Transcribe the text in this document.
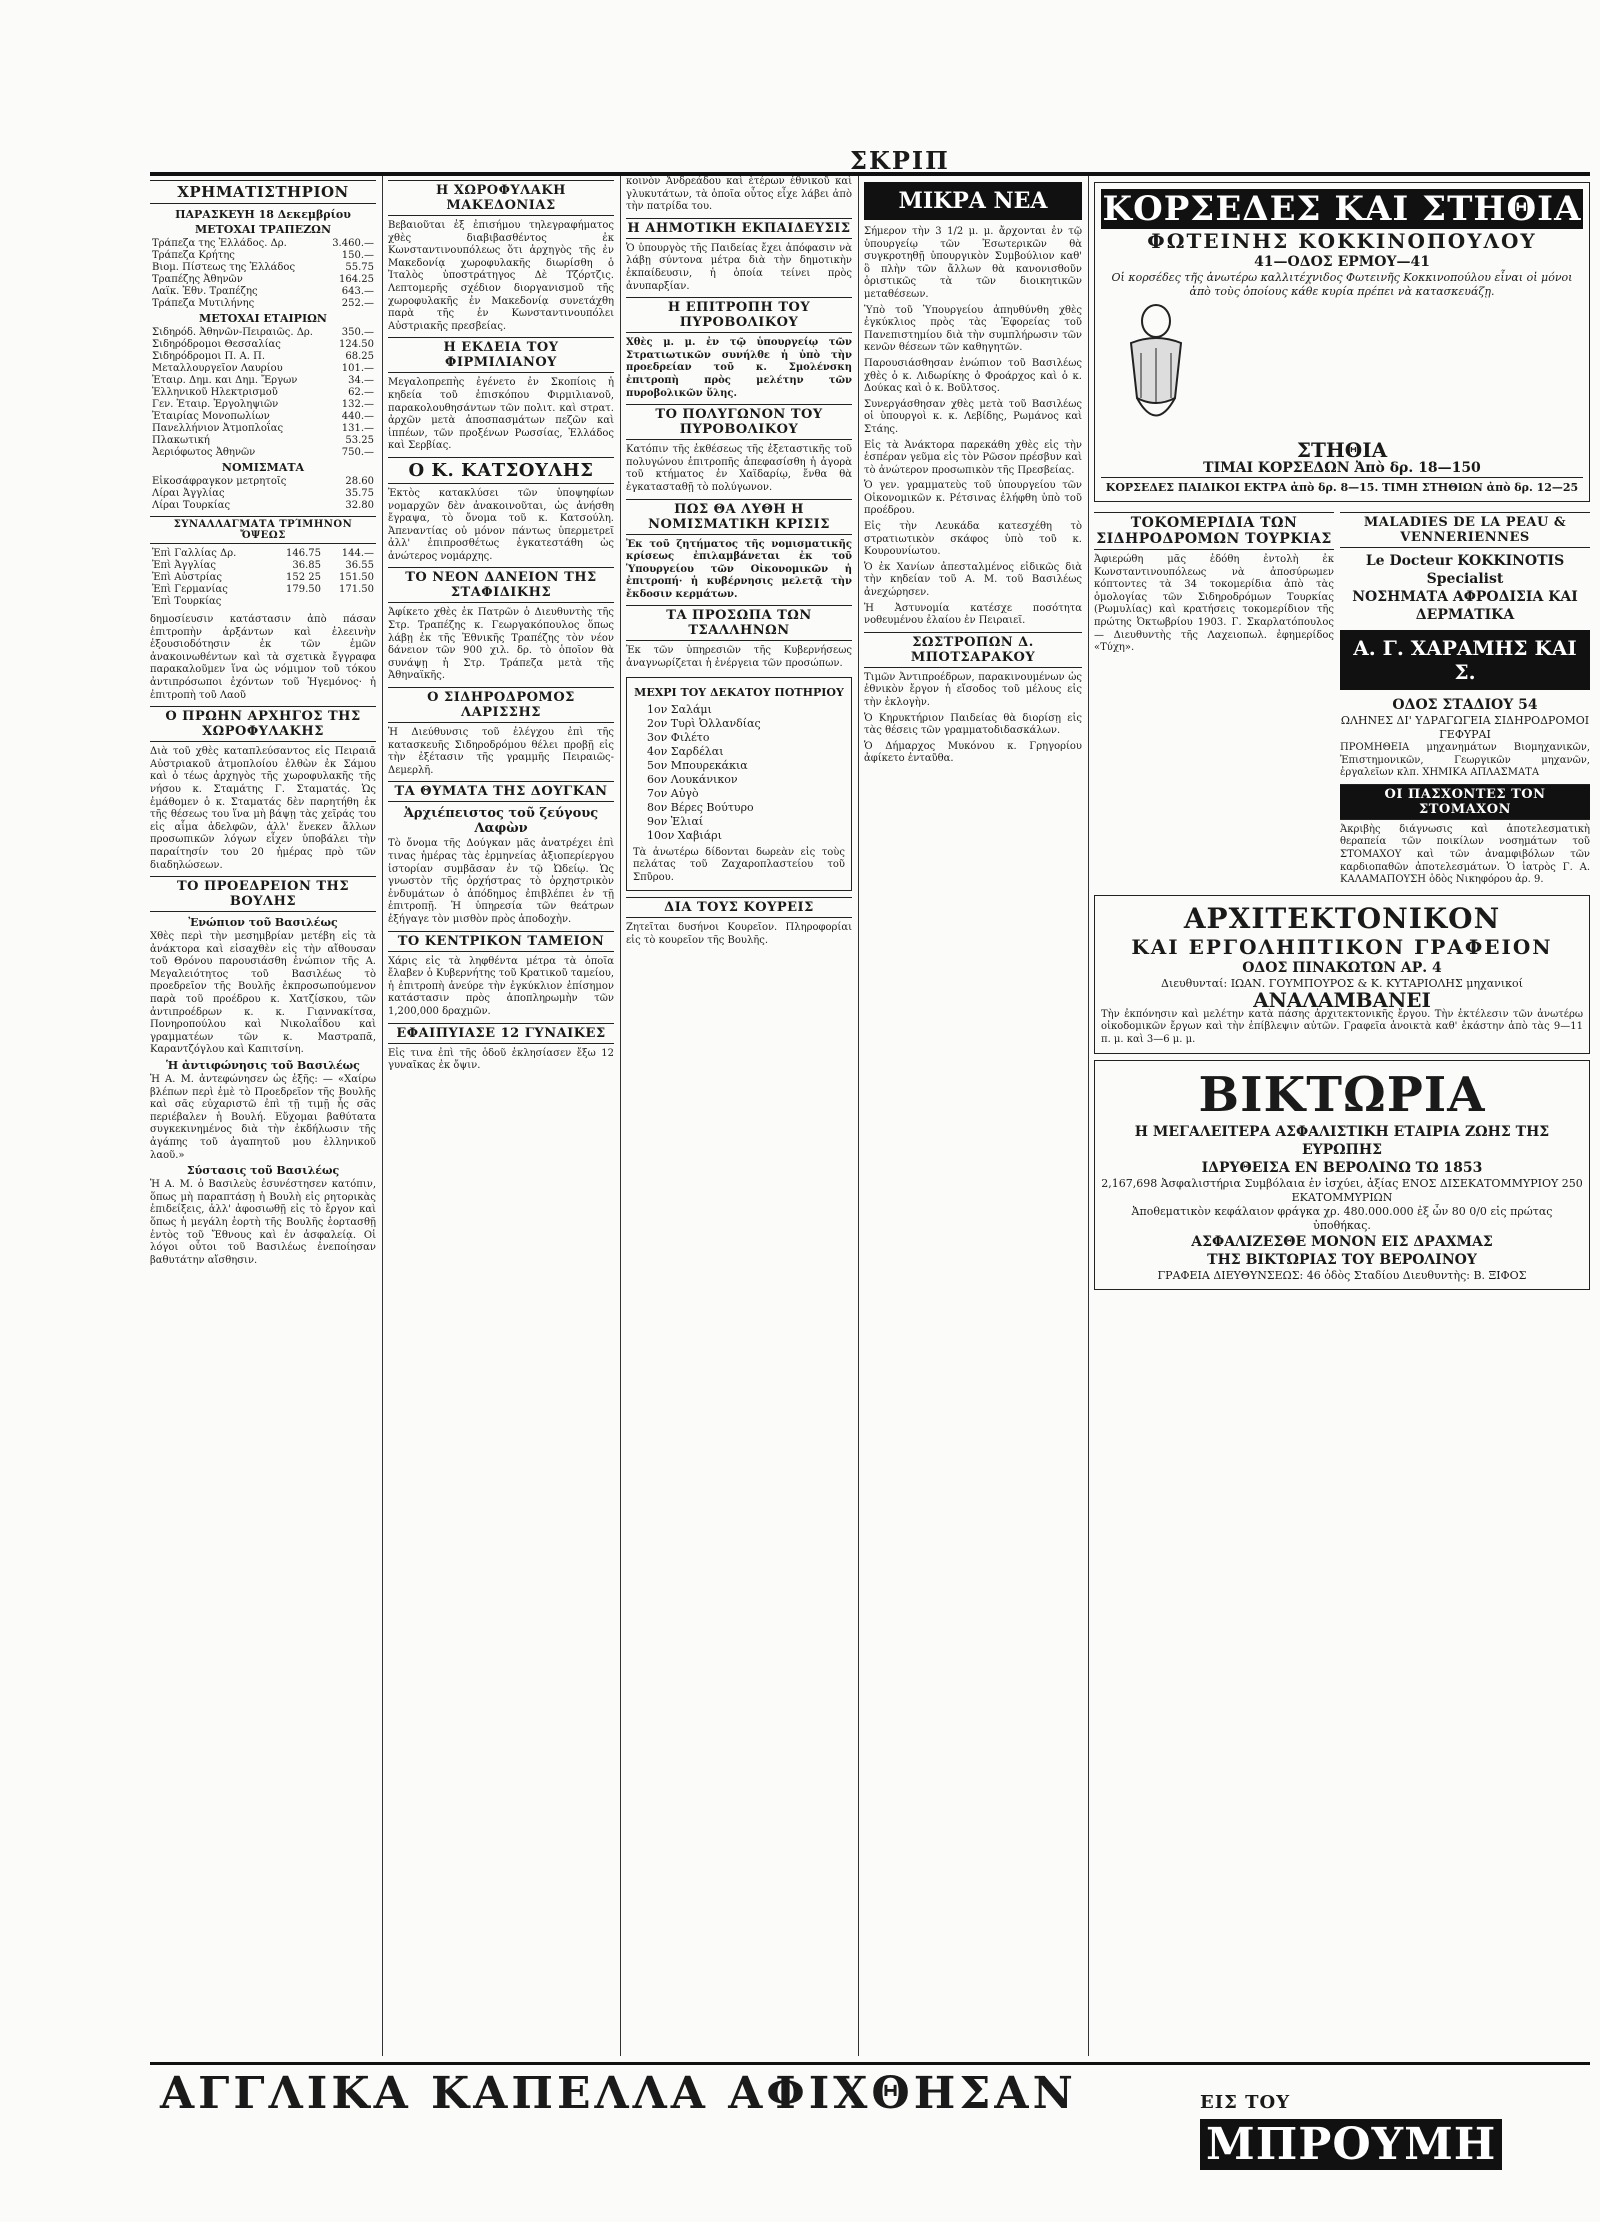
ΣΚΡΙΠ
ΧΡΗΜΑΤΙΣΤΗΡΙΟΝ
ΠΑΡΑΣΚΕΥΗ 18 Δεκεμβρίου
ΜΕΤΟΧΑΙ ΤΡΑΠΕΖΩΝ
Τράπεζα της Ἑλλάδος. Δρ.	3.460.—
Τράπεζα Κρήτης	150.—
Βιομ. Πίστεως της Ἑλλάδος	55.75
Τραπέζης Ἀθηνῶν	164.25
Λαϊκ. Ἐθν. Τραπέζης	643.—
Τράπεζα Μυτιλήνης	252.—
ΜΕΤΟΧΑΙ ΕΤΑΙΡΙΩΝ
Σιδηρόδ. Ἀθηνῶν-Πειραιῶς. Δρ.	350.—
Σιδηρόδρομοι Θεσσαλίας	124.50
Σιδηρόδρομοι Π. Α. Π.	68.25
Μεταλλουργεῖον Λαυρίου	101.—
Ἐταιρ. Δημ. και Δημ. Ἔργων	34.—
Ἑλληνικοῦ Ηλεκτρισμοῦ	62.—
Γεν. Ἐταιρ. Ἐργοληψιῶν	132.—
Ἐταιρίας Μονοπωλίων	440.—
Πανελλήνιον Ἀτμοπλοΐας	131.—
Πλακωτική	53.25
Ἀεριόφωτος Ἀθηνῶν	750.—
ΝΟΜΙΣΜΑΤΑ
Εἰκοσάφραγκον μετρητοῖς	28.60
Λίραι Ἀγγλίας	35.75
Λίραι Τουρκίας	32.80
ΣΥΝΑΛΛΑΓΜΑΤΑ ΤΡΊΜΗΝΟΝ ὌΨΕΩΣ
Ἐπὶ Γαλλίας Δρ.	146.75	144.—
Ἐπὶ Ἀγγλίας	36.85	36.55
Ἐπὶ Αὐστρίας	152 25	151.50
Ἐπὶ Γερμανίας	179.50	171.50
Ἐπὶ Τουρκίας		

δημοσίευσιν κατάστασιν ἀπὸ πάσαν ἐπιτροπὴν ἀρξάντων καὶ ἐλεεινὴν ἐξουσιοδότησιν ἐκ τῶν ἐμῶν ἀνακοινωθέντων καὶ τὰ σχετικὰ ἔγγραφα παρακαλοῦμεν ἵνα ὡς νόμιμον τοῦ τόκου ἀντιπρόσωποι ἐχόντων τοῦ Ἡγεμόνος· ἡ ἐπιτροπὴ τοῦ Λαοῦ

Ο ΠΡΩΗΝ ΑΡΧΗΓΟΣ ΤΗΣ ΧΩΡΟΦΥΛΑΚΗΣ

Διὰ τοῦ χθὲς καταπλεύσαντος εἰς Πειραιᾶ Αὐστριακοῦ ἀτμοπλοίου ἐλθὼν ἐκ Σάμου καὶ ὁ τέως ἀρχηγὸς τῆς χωροφυλακῆς τῆς νήσου κ. Σταμάτης Γ. Σταματάς. Ὡς ἐμάθομεν ὁ κ. Σταματάς δὲν παρητήθη ἐκ τῆς θέσεως του ἵνα μὴ βάψῃ τὰς χεῖράς του εἰς αἷμα ἀδελφῶν, ἀλλ' ἕνεκεν ἄλλων προσωπικῶν λόγων εἶχεν ὑποβάλει τὴν παραίτησίν του 20 ἡμέρας πρὸ τῶν διαδηλώσεων.

ΤΟ ΠΡΟΕΔΡΕΙΟΝ ΤΗΣ ΒΟΥΛΗΣ
Ἐνώπιον τοῦ Βασιλέως

Χθὲς περὶ τὴν μεσημβρίαν μετέβη εἰς τὰ ἀνάκτορα καὶ εἰσαχθὲν εἰς τὴν αἴθουσαν τοῦ Θρόνου παρουσιάσθη ἐνώπιον τῆς Α. Μεγαλειότητος τοῦ Βασιλέως τὸ προεδρεῖον τῆς Βουλῆς ἐκπροσωπούμενον παρὰ τοῦ προέδρου κ. Χατζίσκου, τῶν ἀντιπροέδρων κ. κ. Γιαννακίτσα, Πονηροπούλου καὶ Νικολαΐδου καὶ γραμματέων τῶν κ. Μαστραπᾶ, Καραντζόγλου καὶ Καπιτσίνη.

Ἡ ἀντιφώνησις τοῦ Βασιλέως

Ἡ Α. Μ. ἀντεφώνησεν ὡς ἑξῆς: — «Χαίρω βλέπων περὶ ἐμὲ τὸ Προεδρεῖον τῆς Βουλῆς καὶ σᾶς εὐχαριστῶ ἐπὶ τῇ τιμῇ ἧς σᾶς περιέβαλεν ἡ Βουλή. Εὔχομαι βαθύτατα συγκεκινημένος διὰ τὴν ἐκδήλωσιν τῆς ἀγάπης τοῦ ἀγαπητοῦ μου ἑλληνικοῦ λαοῦ.»

Σύστασις τοῦ Βασιλέως

Ἡ Α. Μ. ὁ Βασιλεὺς ἐσυνέστησεν κατόπιν, ὅπως μὴ παραπτάσῃ ἡ Βουλὴ εἰς ρητορικὰς ἐπιδείξεις, ἀλλ' ἀφοσιωθῇ εἰς τὸ ἔργον καὶ ὅπως ἡ μεγάλη ἑορτὴ τῆς Βουλῆς ἑορτασθῇ ἐντὸς τοῦ Ἔθνους καὶ ἐν ἀσφαλείᾳ. Οἱ λόγοι οὗτοι τοῦ Βασιλέως ἐνεποίησαν βαθυτάτην αἴσθησιν.

Η ΧΩΡΟΦΥΛΑΚΗ ΜΑΚΕΔΟΝΙΑΣ

Βεβαιοῦται ἐξ ἐπισήμου τηλεγραφήματος χθὲς διαβιβασθέντος ἐκ Κωνσταντινουπόλεως ὅτι ἀρχηγὸς τῆς ἐν Μακεδονίᾳ χωροφυλακῆς διωρίσθη ὁ Ἰταλὸς ὑποστράτηγος Δὲ Τζόρτζις. Λεπτομερῆς σχέδιον διοργανισμοῦ τῆς χωροφυλακῆς ἐν Μακεδονίᾳ συνετάχθη παρὰ τῆς ἐν Κωνσταντινουπόλει Αὐστριακῆς πρεσβείας.

Η ΕΚΔΕΙΑ ΤΟΥ ΦΙΡΜΙΛΙΑΝΟΥ

Μεγαλοπρεπὴς ἐγένετο ἐν Σκοπίοις ἡ κηδεία τοῦ ἐπισκόπου Φιρμιλιανοῦ, παρακολουθησάντων τῶν πολιτ. καὶ στρατ. ἀρχῶν μετὰ ἀποσπασμάτων πεζῶν καὶ ἱππέων, τῶν προξένων Ρωσσίας, Ἑλλάδος καὶ Σερβίας.

Ο Κ. ΚΑΤΣΟΥΛΗΣ

Ἐκτὸς κατακλύσει τῶν ὑποψηφίων νομαρχῶν δὲν ἀνακοινοῦται, ὡς ἀνήσθη ἔγραψα, τὸ ὄνομα τοῦ κ. Κατσούλη. Ἀπεναντίας οὐ μόνον πάντως ὑπερμετρεῖ ἀλλ' ἐπιπροσθέτως ἐγκατεστάθη ὡς ἀνώτερος νομάρχης.

ΤΟ ΝΕΟΝ ΔΑΝΕΙΟΝ ΤΗΣ ΣΤΑΦΙΔΙΚΗΣ

Ἀφίκετο χθὲς ἐκ Πατρῶν ὁ Διευθυντὴς τῆς Στρ. Τραπέζης κ. Γεωργακόπουλος ὅπως λάβῃ ἐκ τῆς Ἐθνικῆς Τραπέζης τὸν νέον δάνειον τῶν 900 χιλ. δρ. τὸ ὁποῖον θὰ συνάψῃ ἡ Στρ. Τράπεζα μετὰ τῆς Ἀθηναϊκῆς.

Ο ΣΙΔΗΡΟΔΡΟΜΟΣ ΛΑΡΙΣΣΗΣ

Ἡ Διεύθυνσις τοῦ ἐλέγχου ἐπὶ τῆς κατασκευῆς Σιδηροδρόμου θέλει προβῇ εἰς τὴν ἐξέτασιν τῆς γραμμῆς Πειραιῶς-Δεμερλῆ.

ΤΑ ΘΥΜΑΤΑ ΤΗΣ ΔΟΥΓΚΑΝ
Ἀρχιέπειστος τοῦ ζεύγους Λαφὼν

Τὸ ὄνομα τῆς Δούγκαν μᾶς ἀνατρέχει ἐπὶ τινας ἡμέρας τὰς ἑρμηνείας ἀξιοπερίεργου ἱστορίαν συμβᾶσαν ἐν τῷ Ὠδείῳ. Ὡς γνωστὸν τῆς ὀρχήστρας τὸ ὀρχηστρικὸν ἐνδυμάτων ὁ ἀπόδημος ἐπιβλέπει ἐν τῇ ἐπιτροπῇ. Ἡ ὑπηρεσία τῶν θεάτρων ἐξήγαγε τὸν μισθὸν πρὸς ἀποδοχὴν.

ΤΟ ΚΕΝΤΡΙΚΟΝ ΤΑΜΕΙΟΝ

Χάρις εἰς τὰ ληφθέντα μέτρα τὰ ὁποῖα ἔλαβεν ὁ Κυβερνήτης τοῦ Κρατικοῦ ταμείου, ἡ ἐπιτροπὴ ἀνεύρε τὴν ἐγκύκλιον ἐπίσημον κατάστασιν πρὸς ἀποπληρωμὴν τῶν 1,200,000 δραχμῶν.

ΕΦΑΙΠΥΙΑΣΕ 12 ΓΥΝΑΙΚΕΣ

Εἰς τινα ἐπὶ τῆς ὁδοῦ ἐκλησίασεν ἔξω 12 γυναῖκας ἐκ ὄψιν.

κοινὸν Ἀνδρεάδου καὶ ἑτέρων ἐθνικοῦ καὶ γλυκυτάτων, τὰ ὁποῖα οὗτος εἶχε λάβει ἀπὸ τὴν πατρίδα του.

Η ΑΗΜΟΤΙΚΗ ΕΚΠΑΙΔΕΥΣΙΣ

Ὁ ὑπουργὸς τῆς Παιδείας ἔχει ἀπόφασιν νὰ λάβῃ σύντονα μέτρα διὰ τὴν δημοτικὴν ἐκπαίδευσιν, ἡ ὁποία τείνει πρὸς ἀνυπαρξίαν.

Η ΕΠΙΤΡΟΠΗ ΤΟΥ ΠΥΡΟΒΟΛΙΚΟΥ

Χθὲς μ. μ. ἐν τῷ ὑπουργείῳ τῶν Στρατιωτικῶν συνήλθε ἡ ὑπὸ τὴν προεδρείαν τοῦ κ. Σμολένσκη ἐπιτροπὴ πρὸς μελέτην τῶν πυροβολικῶν ὕλης.

ΤΟ ΠΟΛΥΓΩΝΟΝ ΤΟΥ ΠΥΡΟΒΟΛΙΚΟΥ

Κατόπιν τῆς ἐκθέσεως τῆς ἐξεταστικῆς τοῦ πολυγώνου ἐπιτροπῆς ἀπεφασίσθη ἡ ἀγορὰ τοῦ κτήματος ἐν Χαϊδαρίῳ, ἔνθα θὰ ἐγκατασταθῇ τὸ πολύγωνον.

ΠΩΣ ΘΑ ΛΥΘΗ Η ΝΟΜΙΣΜΑΤΙΚΗ ΚΡΙΣΙΣ

Ἐκ τοῦ ζητήματος τῆς νομισματικῆς κρίσεως ἐπιλαμβάνεται ἐκ τοῦ Ὑπουργείου τῶν Οἰκονομικῶν ἡ ἐπιτροπή· ἡ κυβέρνησις μελετᾷ τὴν ἔκδοσιν κερμάτων.

ΤΑ ΠΡΟΣΩΠΑ ΤΩΝ ΤΣΑΛΛΗΝΩΝ

Ἐκ τῶν ὑπηρεσιῶν τῆς Κυβερνήσεως ἀναγνωρίζεται ἡ ἐνέργεια τῶν προσώπων.

ΜΕΧΡΙ ΤΟΥ ΔΕΚΑΤΟΥ ΠΟΤΗΡΙΟΥ
1ον Σαλάμι
2ον Τυρὶ Ὀλλανδίας
3ον Φιλέτο
4ον Σαρδέλαι
5ον Μπουρεκάκια
6ον Λουκάνικον
7ον Αὐγὸ
8ον Βέρες Βούτυρο
9ον Ἐλιαί
10ον Χαβιάρι

Τὰ ἀνωτέρω δίδονται δωρεὰν εἰς τοὺς πελάτας τοῦ Ζαχαροπλαστείου τοῦ Σπῦρου.

ΔΙΑ ΤΟΥΣ ΚΟΥΡΕΙΣ

Ζητεῖται δυσήνοι Κουρεῖον. Πληροφορίαι εἰς τὸ κουρεῖον τῆς Βουλῆς.

ΜΙΚΡΑ ΝΕΑ

Σήμερον τὴν 3 1/2 μ. μ. ἄρχονται ἐν τῷ ὑπουργείῳ τῶν Ἐσωτερικῶν θὰ συγκροτηθῇ ὑπουργικὸν Συμβούλιον καθ' ὃ πλὴν τῶν ἄλλων θὰ κανονισθοῦν ὁριστικῶς τὰ τῶν διοικητικῶν μεταθέσεων.

Ὑπὸ τοῦ Ὑπουργείου ἀπηυθύνθη χθὲς ἐγκύκλιος πρὸς τὰς Ἐφορείας τοῦ Πανεπιστημίου διὰ τὴν συμπλήρωσιν τῶν κενῶν θέσεων τῶν καθηγητῶν.

Παρουσιάσθησαν ἐνώπιον τοῦ Βασιλέως χθὲς ὁ κ. Λιδωρίκης ὁ Φροάρχος καὶ ὁ κ. Δούκας καὶ ὁ κ. Βοῦλτσος.

Συνεργάσθησαν χθὲς μετὰ τοῦ Βασιλέως οἱ ὑπουργοὶ κ. κ. Λεβίδης, Ρωμάνος καὶ Στάης.

Εἰς τὰ Ἀνάκτορα παρεκάθη χθὲς εἰς τὴν ἑσπέραν γεῦμα εἰς τὸν Ρῶσον πρέσβυν καὶ τὸ ἀνώτερον προσωπικὸν τῆς Πρεσβείας.

Ὁ γεν. γραμματεὺς τοῦ ὑπουργείου τῶν Οἰκονομικῶν κ. Ρέτσινας ἐλήφθη ὑπὸ τοῦ προέδρου.

Εἰς τὴν Λευκάδα κατεσχέθη τὸ στρατιωτικὸν σκάφος ὑπὸ τοῦ κ. Κουρουνίωτου.

Ὁ ἐκ Χανίων ἀπεσταλμένος εἰδικῶς διὰ τὴν κηδείαν τοῦ Α. Μ. τοῦ Βασιλέως ἀνεχώρησεν.

Ἡ Ἀστυνομία κατέσχε ποσότητα νοθευμένου ἐλαίου ἐν Πειραιεῖ.

ΣΩΣΤΡΟΠΩΝ Δ. ΜΠΟΤΣΑΡΑΚΟΥ

Τιμῶν Ἀντιπροέδρων, παρακινουμένων ὡς ἐθνικὸν ἔργον ἡ εἴσοδος τοῦ μέλους εἰς τὴν ἐκλογὴν.

Ὁ Κηρυκτήριον Παιδείας θὰ διορίσῃ εἰς τὰς θέσεις τῶν γραμματοδιδασκάλων.

Ὁ Δήμαρχος Μυκόνου κ. Γρηγορίου ἀφίκετο ἐνταῦθα.

ΚΟΡΣΕΔΕΣ ΚΑΙ ΣΤΗΘΙΑ
ΦΩΤΕΙΝΗΣ ΚΟΚΚΙΝΟΠΟΥΛΟΥ
41—ΟΔΟΣ ΕΡΜΟΥ—41
Οἱ κορσέδες τῆς ἀνωτέρω καλλιτέχνιδος Φωτεινῆς Κοκκινοπούλου εἶναι οἱ μόνοι ἀπὸ τοὺς ὁποίους κάθε κυρία πρέπει νὰ κατασκευάζῃ.
ΣΤΗΘΙΑ
ΤΙΜΑΙ ΚΟΡΣΕΔΩΝ Ἀπὸ δρ. 18—150
ΚΟΡΣΕΔΕΣ ΠΑΙΔΙΚΟΙ ΕΚΤΡΑ ἀπὸ δρ. 8—15. ΤΙΜΗ ΣΤΗΘΙΩΝ ἀπὸ δρ. 12—25
ΤΟΚΟΜΕΡΙΔΙΑ ΤΩΝ ΣΙΔΗΡΟΔΡΟΜΩΝ ΤΟΥΡΚΙΑΣ

Ἀφιερώθη μᾶς ἐδόθη ἐντολὴ ἐκ Κωνσταντινουπόλεως νὰ ἀποσύρωμεν κόπτοντες τὰ 34 τοκομερίδια ἀπὸ τὰς ὁμολογίας τῶν Σιδηροδρόμων Τουρκίας (Ρωμυλίας) καὶ κρατήσεις τοκομερίδιον τῆς πρώτης Ὀκτωβρίου 1903. Γ. Σκαρλατόπουλος — Διευθυντὴς τῆς Λαχειοπωλ. ἐφημερίδος «Τύχη».

MALADIES DE LA PEAU & VENNERIENNES
Le Docteur KOKKINOTIS Specialist
ΝΟΣΗΜΑΤΑ ΑΦΡΟΔΙΣΙΑ ΚΑΙ ΔΕΡΜΑΤΙΚΑ
Α. Γ. ΧΑΡΑΜΗΣ ΚΑΙ Σ.
ΟΔΟΣ ΣΤΑΔΙΟΥ 54
ΩΛΗΝΕΣ ΔΙ' ΥΔΡΑΓΩΓΕΙΑ ΣΙΔΗΡΟΔΡΟΜΟΙ ΓΕΦΥΡΑΙ

ΠΡΟΜΗΘΕΙΑ μηχανημάτων Βιομηχανικῶν, Ἐπιστημονικῶν, Γεωργικῶν μηχανῶν, ἐργαλεῖων κλπ. ΧΗΜΙΚΑ ΑΠΛΑΣΜΑΤΑ

ΟΙ ΠΑΣΧΟΝΤΕΣ ΤΟΝ ΣΤΟΜΑΧΟΝ

Ἀκριβὴς διάγνωσις καὶ ἀποτελεσματικὴ θεραπεία τῶν ποικίλων νοσημάτων τοῦ ΣΤΟΜΑΧΟΥ καὶ τῶν ἀναμφιβόλων τῶν καρδιοπαθῶν ἀποτελεσμάτων. Ὁ ἰατρὸς Γ. Α. ΚΑΛΑΜΑΠΟΥΣΗ ὁδὸς Νικηφόρου ἀρ. 9.

ΑΡΧΙΤΕΚΤΟΝΙΚΟΝ
ΚΑΙ ΕΡΓΟΛΗΠΤΙΚΟΝ ΓΡΑΦΕΙΟΝ
ΟΔΟΣ ΠΙΝΑΚΩΤΩΝ ΑΡ. 4
Διευθυνταί: ΙΩΑΝ. ΓΟΥΜΠΟΥΡΟΣ & Κ. ΚΥΤΑΡΙΟΛΗΣ μηχανικοί
ΑΝΑΛΑΜΒΑΝΕΙ

Τὴν ἐκπόνησιν καὶ μελέτην κατὰ πάσης ἀρχιτεκτονικῆς ἔργου. Τὴν ἐκτέλεσιν τῶν ἀνωτέρω οἰκοδομικῶν ἔργων καὶ τὴν ἐπίβλεψιν αὐτῶν. Γραφεῖα ἀνοικτὰ καθ' ἑκάστην ἀπὸ τὰς 9—11 π. μ. καὶ 3—6 μ. μ.

ΒΙΚΤΩΡΙΑ
Η ΜΕΓΑΛΕΙΤΕΡΑ ΑΣΦΑΛΙΣΤΙΚΗ ΕΤΑΙΡΙΑ ΖΩΗΣ ΤΗΣ ΕΥΡΩΠΗΣ
ΙΔΡΥΘΕΙΣΑ ΕΝ ΒΕΡΟΛΙΝΩ ΤΩ 1853
2,167,698 Ἀσφαλιστήρια Συμβόλαια ἐν ἰσχύει, ἀξίας ΕΝΟΣ ΔΙΣΕΚΑΤΟΜΜΥΡΙΟΥ 250 ΕΚΑΤΟΜΜΥΡΙΩΝ
Ἀποθεματικὸν κεφάλαιον φράγκα χρ. 480.000.000 ἐξ ὧν 80 0/0 εἰς πρώτας ὑποθήκας.
ΑΣΦΑΛΙΖΕΣΘΕ ΜΟΝΟΝ ΕΙΣ ΔΡΑΧΜΑΣ
ΤΗΣ ΒΙΚΤΩΡΙΑΣ ΤΟΥ ΒΕΡΟΛΙΝΟΥ
ΓΡΑΦΕΙΑ ΔΙΕΥΘΥΝΣΕΩΣ: 46 ὁδὸς Σταδίου Διευθυντὴς: Β. ΞΙΦΟΣ
ΑΓΓΛΙΚΑ ΚΑΠΕΛΛΑ ΑΦΙΧΘΗΣΑΝ	ΕΙΣ ΤΟΥ ΜΠΡΟΥΜΗ
